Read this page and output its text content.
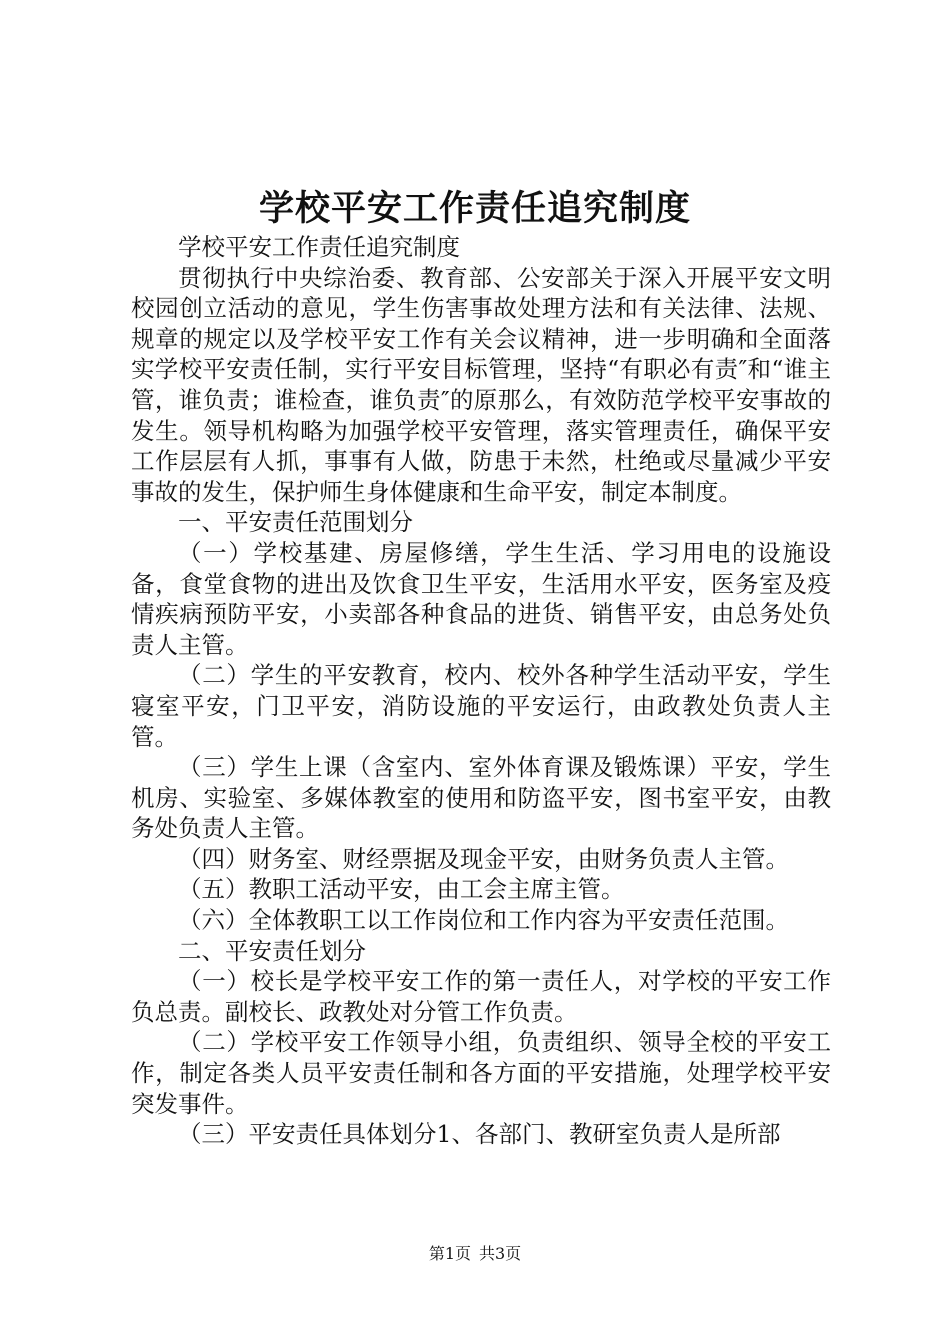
学校平安工作责任追究制度

学校平安工作责任追究制度

贯彻执行中央综治委、教育部、公安部关于深入开展平安文明校园创立活动的意见，学生伤害事故处理方法和有关法律、法规、规章的规定以及学校平安工作有关会议精神，进一步明确和全面落实学校平安责任制，实行平安目标管理，坚持“有职必有责″和“谁主管，谁负责；谁检查，谁负责″的原那么，有效防范学校平安事故的发生。领导机构略为加强学校平安管理，落实管理责任，确保平安工作层层有人抓，事事有人做，防患于未然，杜绝或尽量减少平安事故的发生，保护师生身体健康和生命平安，制定本制度。

一、平安责任范围划分

（一）学校基建、房屋修缮，学生生活、学习用电的设施设备，食堂食物的进出及饮食卫生平安，生活用水平安，医务室及疫情疾病预防平安，小卖部各种食品的进货、销售平安，由总务处负责人主管。

（二）学生的平安教育，校内、校外各种学生活动平安，学生寝室平安，门卫平安，消防设施的平安运行，由政教处负责人主管。

（三）学生上课（含室内、室外体育课及锻炼课）平安，学生机房、实验室、多媒体教室的使用和防盗平安，图书室平安，由教务处负责人主管。

（四）财务室、财经票据及现金平安，由财务负责人主管。

（五）教职工活动平安，由工会主席主管。

（六）全体教职工以工作岗位和工作内容为平安责任范围。

二、平安责任划分

（一）校长是学校平安工作的第一责任人，对学校的平安工作负总责。副校长、政教处对分管工作负责。

（二）学校平安工作领导小组，负责组织、领导全校的平安工作，制定各类人员平安责任制和各方面的平安措施，处理学校平安突发事件。

（三）平安责任具体划分1、各部门、教研室负责人是所部

第1页 共3页
